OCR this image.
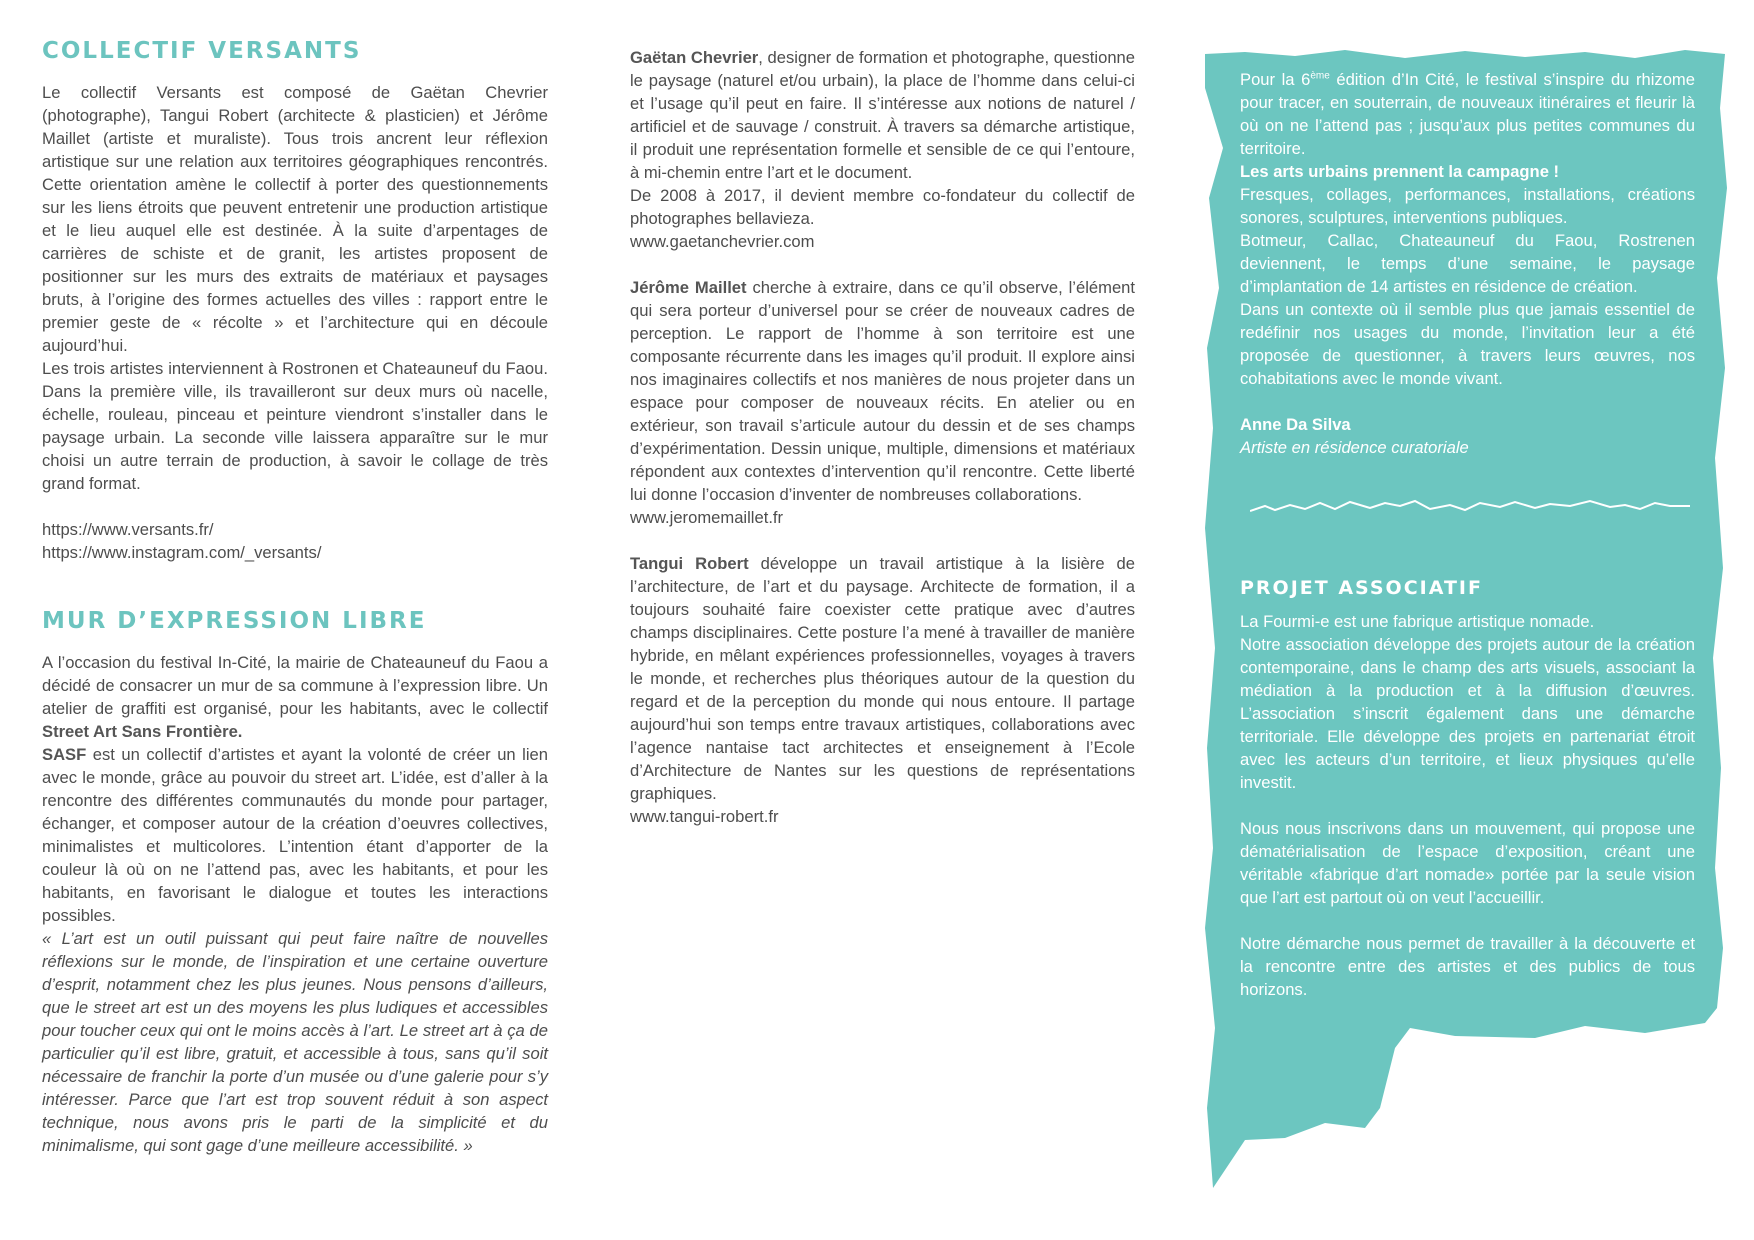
COLLECTIF VERSANTS

Le collectif Versants est composé de Gaëtan Chevrier (photographe), Tangui Robert (architecte & plasticien) et Jérôme Maillet (artiste et muraliste). Tous trois ancrent leur réflexion artistique sur une relation aux territoires géographiques rencontrés. Cette orientation amène le collectif à porter des questionnements sur les liens étroits que peuvent entretenir une production artistique et le lieu auquel elle est destinée. À la suite d’arpentages de carrières de schiste et de granit, les artistes proposent de positionner sur les murs des extraits de matériaux et paysages bruts, à l’origine des formes actuelles des villes : rapport entre le premier geste de « récolte » et l’architecture qui en découle aujourd’hui.

Les trois artistes interviennent à Rostronen et Chateauneuf du Faou. Dans la première ville, ils travailleront sur deux murs où nacelle, échelle, rouleau, pinceau et peinture viendront s’installer dans le paysage urbain. La seconde ville laissera apparaître sur le mur choisi un autre terrain de production, à savoir le collage de très grand format.

https://www.versants.fr/

https://www.instagram.com/_versants/

MUR D’EXPRESSION LIBRE

A l’occasion du festival In-Cité, la mairie de Chateauneuf du Faou a décidé de consacrer un mur de sa commune à l’expression libre. Un atelier de graffiti est organisé, pour les habitants, avec le collectif Street Art Sans Frontière.
SASF est un collectif d’artistes et ayant la volonté de créer un lien avec le monde, grâce au pouvoir du street art. L’idée, est d’aller à la rencontre des différentes communautés du monde pour partager, échanger, et composer autour de la création d’oeuvres collectives, minimalistes et multicolores. L’intention étant d’apporter de la couleur là où on ne l’attend pas, avec les habitants, et pour les habitants, en favorisant le dialogue et toutes les interactions possibles.

« L’art est un outil puissant qui peut faire naître de nouvelles réflexions sur le monde, de l’inspiration et une certaine ouverture d’esprit, notamment chez les plus jeunes. Nous pensons d’ailleurs, que le street art est un des moyens les plus ludiques et accessibles pour toucher ceux qui ont le moins accès à l’art. Le street art à ça de particulier qu’il est libre, gratuit, et accessible à tous, sans qu’il soit nécessaire de franchir la porte d’un musée ou d’une galerie pour s’y intéresser. Parce que l’art est trop souvent réduit à son aspect technique, nous avons pris le parti de la simplicité et du minimalisme, qui sont gage d’une meilleure accessibilité. »

Gaëtan Chevrier, designer de formation et photographe, questionne le paysage (naturel et/ou urbain), la place de l’homme dans celui-ci et l’usage qu’il peut en faire. Il s’intéresse aux notions de naturel / artificiel et de sauvage / construit. À travers sa démarche artistique, il produit une représentation formelle et sensible de ce qui l’entoure, à mi-chemin entre l’art et le document.

De 2008 à 2017, il devient membre co-fondateur du collectif de photographes bellavieza.

www.gaetanchevrier.com

Jérôme Maillet cherche à extraire, dans ce qu’il observe, l’élément qui sera porteur d’universel pour se créer de nouveaux cadres de perception. Le rapport de l’homme à son territoire est une composante récurrente dans les images qu’il produit. Il explore ainsi nos imaginaires collectifs et nos manières de nous projeter dans un espace pour composer de nouveaux récits. En atelier ou en extérieur, son travail s’articule autour du dessin et de ses champs d’expérimentation. Dessin unique, multiple, dimensions et matériaux répondent aux contextes d’intervention qu’il rencontre. Cette liberté lui donne l’occasion d’inventer de nombreuses collaborations.

www.jeromemaillet.fr

Tangui Robert développe un travail artistique à la lisière de l’architecture, de l’art et du paysage. Architecte de formation, il a toujours souhaité faire coexister cette pratique avec d’autres champs disciplinaires. Cette posture l’a mené à travailler de manière hybride, en mêlant expériences professionnelles, voyages à travers le monde, et recherches plus théoriques autour de la question du regard et de la perception du monde qui nous entoure. Il partage aujourd’hui son temps entre travaux artistiques, collaborations avec l’agence nantaise tact architectes et enseignement à l’Ecole d’Architecture de Nantes sur les questions de représentations graphiques.

www.tangui-robert.fr

Pour la 6ème édition d’In Cité, le festival s’inspire du rhizome pour tracer, en souterrain, de nouveaux itinéraires et fleurir là où on ne l’attend pas ; jusqu’aux plus petites communes du territoire.

Les arts urbains prennent la campagne !

Fresques, collages, performances, installations, créations sonores, sculptures, interventions publiques.

Botmeur, Callac, Chateauneuf du Faou, Rostrenen deviennent, le temps d’une semaine, le paysage d’implantation de 14 artistes en résidence de création.

Dans un contexte où il semble plus que jamais essentiel de redéfinir nos usages du monde, l’invitation leur a été proposée de questionner, à travers leurs œuvres, nos cohabitations avec le monde vivant.

Anne Da Silva

Artiste en résidence curatoriale

PROJET ASSOCIATIF

La Fourmi-e est une fabrique artistique nomade.

Notre association développe des projets autour de la création contemporaine, dans le champ des arts visuels, associant la médiation à la production et à la diffusion d’œuvres. L’association s’inscrit également dans une démarche territoriale. Elle développe des projets en partenariat étroit avec les acteurs d’un territoire, et lieux physiques qu’elle investit.

Nous nous inscrivons dans un mouvement, qui propose une dématérialisation de l’espace d’exposition, créant une véritable «fabrique d’art nomade» portée par la seule vision que l’art est partout où on veut l’accueillir.

Notre démarche nous permet de travailler à la découverte et la rencontre entre des artistes et des publics de tous horizons.
